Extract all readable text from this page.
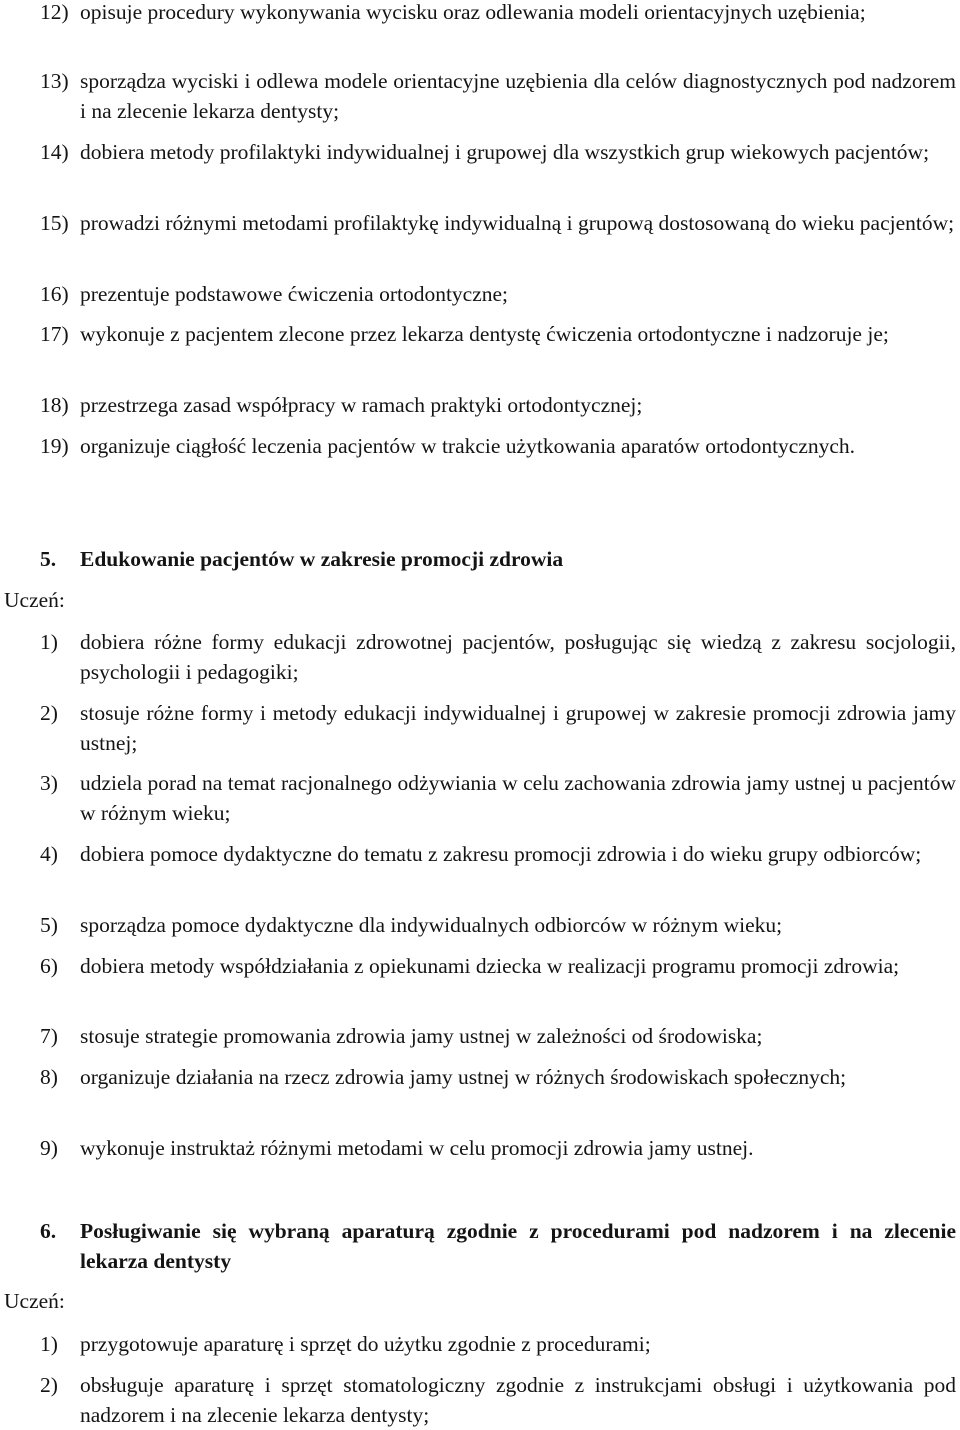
12) opisuje procedury wykonywania wycisku oraz odlewania modeli orientacyjnych uzębienia;
13) sporządza wyciski i odlewa modele orientacyjne uzębienia dla celów diagnostycznych pod nadzorem i na zlecenie lekarza dentysty;
14) dobiera metody profilaktyki indywidualnej i grupowej dla wszystkich grup wiekowych pacjentów;
15) prowadzi różnymi metodami profilaktykę indywidualną i grupową dostosowaną do wieku pacjentów;
16) prezentuje podstawowe ćwiczenia ortodontyczne;
17) wykonuje z pacjentem zlecone przez lekarza dentystę ćwiczenia ortodontyczne i nadzoruje je;
18) przestrzega zasad współpracy w ramach praktyki ortodontycznej;
19) organizuje ciągłość leczenia pacjentów w trakcie użytkowania aparatów ortodontycznych.
5. Edukowanie pacjentów w zakresie promocji zdrowia
Uczeń:
1) dobiera różne formy edukacji zdrowotnej pacjentów, posługując się wiedzą z zakresu socjologii, psychologii i pedagogiki;
2) stosuje różne formy i metody edukacji indywidualnej i grupowej w zakresie promocji zdrowia jamy ustnej;
3) udziela porad na temat racjonalnego odżywiania w celu zachowania zdrowia jamy ustnej u pacjentów w różnym wieku;
4) dobiera pomoce dydaktyczne do tematu z zakresu promocji zdrowia i do wieku grupy odbiorców;
5) sporządza pomoce dydaktyczne dla indywidualnych odbiorców w różnym wieku;
6) dobiera metody współdziałania z opiekunami dziecka w realizacji programu promocji zdrowia;
7) stosuje strategie promowania zdrowia jamy ustnej w zależności od środowiska;
8) organizuje działania na rzecz zdrowia jamy ustnej w różnych środowiskach społecznych;
9) wykonuje instruktaż różnymi metodami w celu promocji zdrowia jamy ustnej.
6. Posługiwanie się wybraną aparaturą zgodnie z procedurami pod nadzorem i na zlecenie lekarza dentysty
Uczeń:
1) przygotowuje aparaturę i sprzęt do użytku zgodnie z procedurami;
2) obsługuje aparaturę i sprzęt stomatologiczny zgodnie z instrukcjami obsługi i użytkowania pod nadzorem i na zlecenie lekarza dentysty;
